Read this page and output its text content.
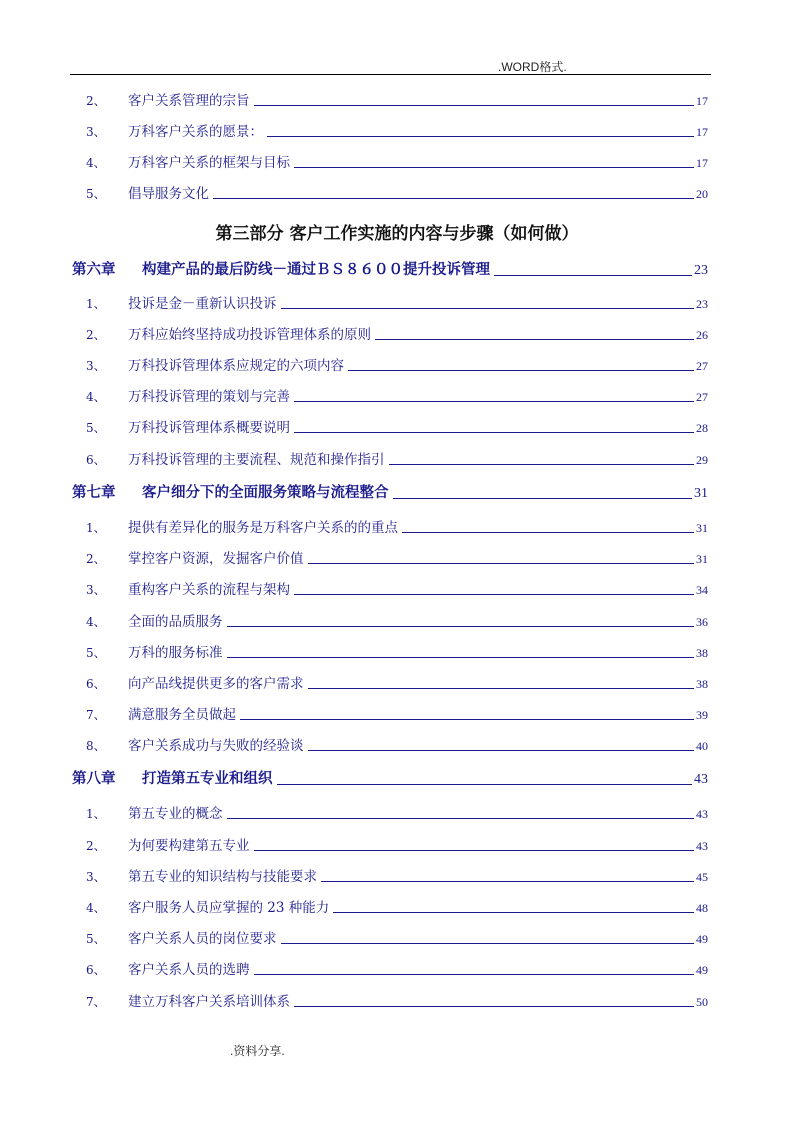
.WORD格式.
2、	客户关系管理的宗旨	17
3、	万科客户关系的愿景：	17
4、	万科客户关系的框架与目标	17
5、	倡导服务文化	20
第三部分 客户工作实施的内容与步骤（如何做）
第六章	构建产品的最后防线－通过ＢＳ８６００提升投诉管理	23
1、	投诉是金－重新认识投诉	23
2、	万科应始终坚持成功投诉管理体系的原则	26
3、	万科投诉管理体系应规定的六项内容	27
4、	万科投诉管理的策划与完善	27
5、	万科投诉管理体系概要说明	28
6、	万科投诉管理的主要流程、规范和操作指引	29
第七章	客户细分下的全面服务策略与流程整合	31
1、	提供有差异化的服务是万科客户关系的的重点	31
2、	掌控客户资源，发掘客户价值	31
3、	重构客户关系的流程与架构	34
4、	全面的品质服务	36
5、	万科的服务标准	38
6、	向产品线提供更多的客户需求	38
7、	满意服务全员做起	39
8、	客户关系成功与失败的经验谈	40
第八章	打造第五专业和组织	43
1、	第五专业的概念	43
2、	为何要构建第五专业	43
3、	第五专业的知识结构与技能要求	45
4、	客户服务人员应掌握的 23 种能力	48
5、	客户关系人员的岗位要求	49
6、	客户关系人员的选聘	49
7、	建立万科客户关系培训体系	50
.资料分享.
